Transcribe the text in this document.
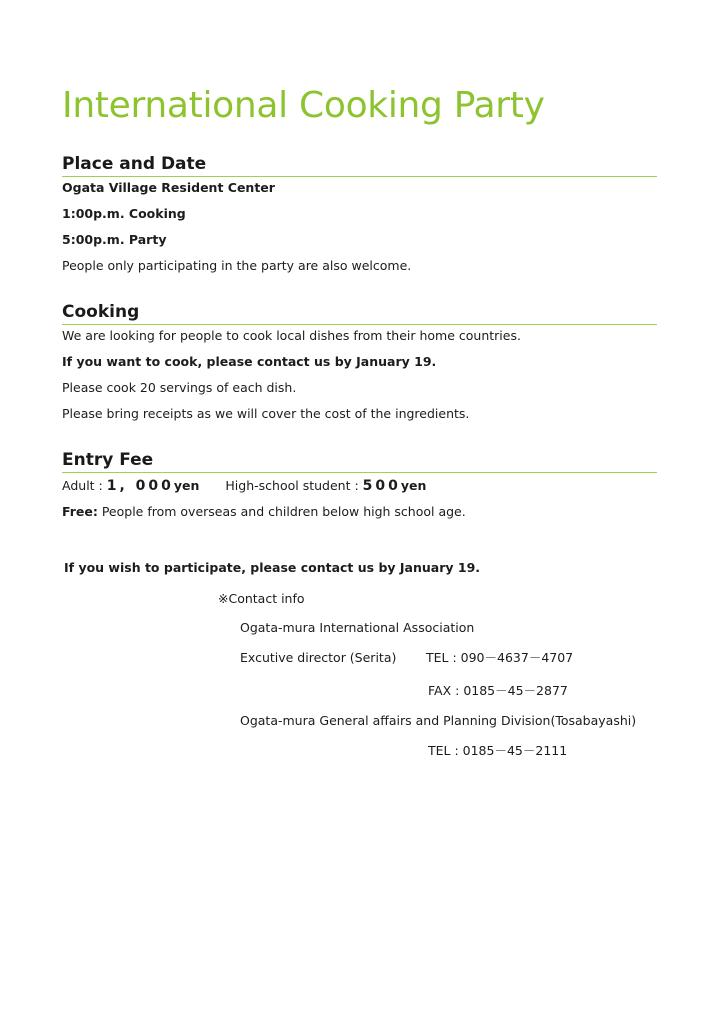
International Cooking Party
Place and Date
Ogata Village Resident Center
1:00p.m. Cooking
5:00p.m. Party
People only participating in the party are also welcome.
Cooking
We are looking for people to cook local dishes from their home countries.
If you want to cook, please contact us by January 19.
Please cook 20 servings of each dish.
Please bring receipts as we will cover the cost of the ingredients.
Entry Fee
Adult : 1, 000yen High-school student : 500yen
Free: People from overseas and children below high school age.
If you wish to participate, please contact us by January 19.
※Contact info
Ogata-mura International Association
Excutive director (Serita) TEL : 090－4637－4707
FAX : 0185－45－2877
Ogata-mura General affairs and Planning Division(Tosabayashi)
TEL : 0185－45－2111
